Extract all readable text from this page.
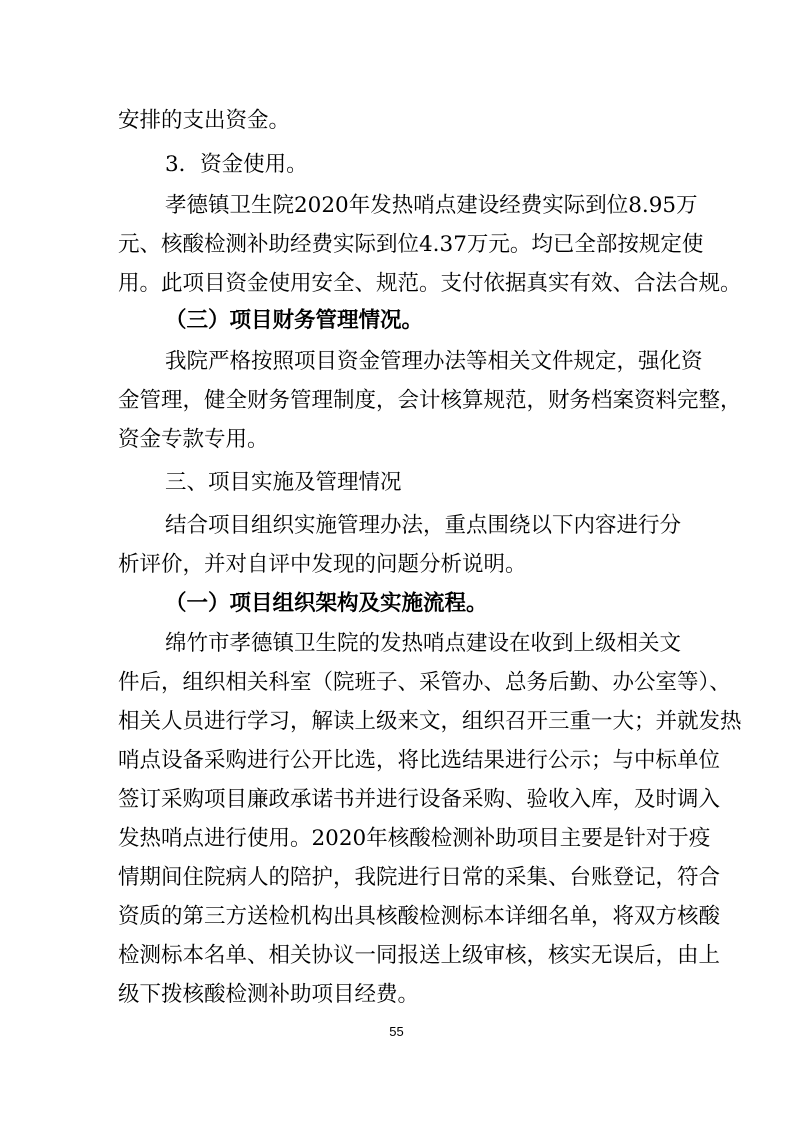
安排的支出资金。
3．资金使用。
孝德镇卫生院2020年发热哨点建设经费实际到位8.95万
元、核酸检测补助经费实际到位4.37万元。均已全部按规定使
用。此项目资金使用安全、规范。支付依据真实有效、合法合规。
（三）项目财务管理情况。
我院严格按照项目资金管理办法等相关文件规定，强化资
金管理，健全财务管理制度，会计核算规范，财务档案资料完整，
资金专款专用。
三、项目实施及管理情况
结合项目组织实施管理办法，重点围绕以下内容进行分
析评价，并对自评中发现的问题分析说明。
（一）项目组织架构及实施流程。
绵竹市孝德镇卫生院的发热哨点建设在收到上级相关文
件后，组织相关科室（院班子、采管办、总务后勤、办公室等）、
相关人员进行学习，解读上级来文，组织召开三重一大；并就发热
哨点设备采购进行公开比选，将比选结果进行公示；与中标单位
签订采购项目廉政承诺书并进行设备采购、验收入库，及时调入
发热哨点进行使用。2020年核酸检测补助项目主要是针对于疫
情期间住院病人的陪护，我院进行日常的采集、台账登记，符合
资质的第三方送检机构出具核酸检测标本详细名单，将双方核酸
检测标本名单、相关协议一同报送上级审核，核实无误后，由上
级下拨核酸检测补助项目经费。
55
